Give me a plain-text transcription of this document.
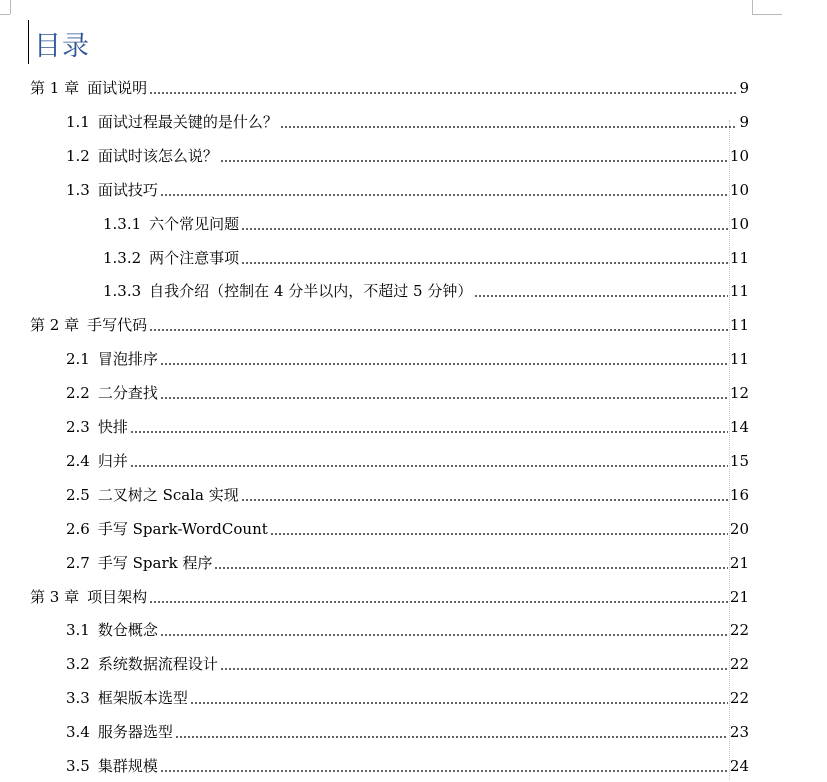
目录
第 1 章 面试说明	9
1.1 面试过程最关键的是什么？	9
1.2 面试时该怎么说？	10
1.3 面试技巧	10
1.3.1 六个常见问题	10
1.3.2 两个注意事项	11
1.3.3 自我介绍（控制在 4 分半以内，不超过 5 分钟）	11
第 2 章 手写代码	11
2.1 冒泡排序	11
2.2 二分查找	12
2.3 快排	14
2.4 归并	15
2.5 二叉树之 Scala 实现	16
2.6 手写 Spark-WordCount	20
2.7 手写 Spark 程序	21
第 3 章 项目架构	21
3.1 数仓概念	22
3.2 系统数据流程设计	22
3.3 框架版本选型	22
3.4 服务器选型	23
3.5 集群规模	24
